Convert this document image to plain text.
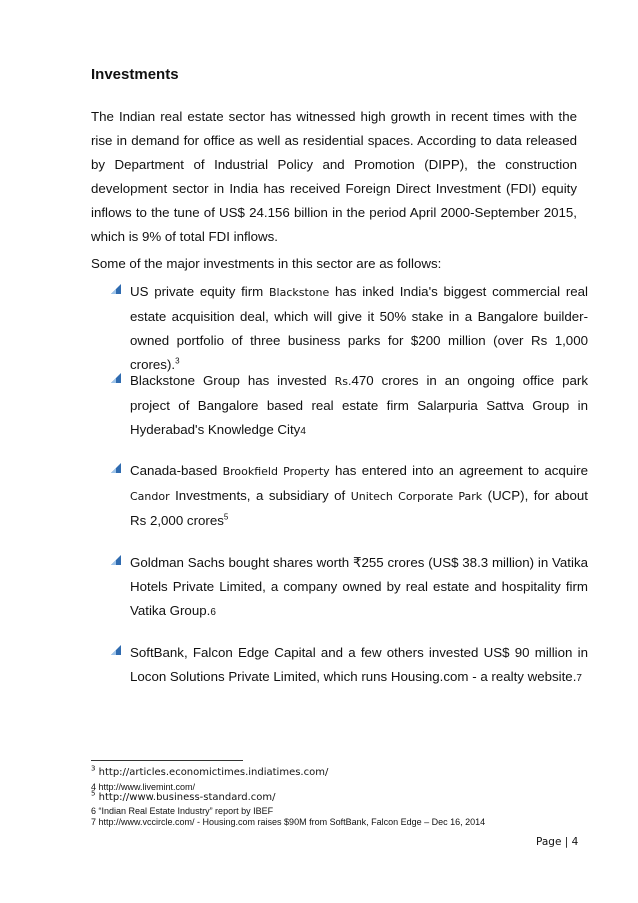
Investments
The Indian real estate sector has witnessed high growth in recent times with the rise in demand for office as well as residential spaces. According to data released by Department of Industrial Policy and Promotion (DIPP), the construction development sector in India has received Foreign Direct Investment (FDI) equity inflows to the tune of US$ 24.156 billion in the period April 2000-September 2015, which is 9% of total FDI inflows.
Some of the major investments in this sector are as follows:
US private equity firm Blackstone has inked India's biggest commercial real estate acquisition deal, which will give it 50% stake in a Bangalore builder-owned portfolio of three business parks for $200 million (over Rs 1,000 crores).$^3$
Blackstone Group has invested Rs.470 crores in an ongoing office park project of Bangalore based real estate firm Salarpuria Sattva Group in Hyderabad's Knowledge City4
Canada-based Brookfield Property has entered into an agreement to acquire Candor Investments, a subsidiary of Unitech Corporate Park (UCP), for about Rs 2,000 crores$^5$
Goldman Sachs bought shares worth ₹255 crores (US$ 38.3 million) in Vatika Hotels Private Limited, a company owned by real estate and hospitality firm Vatika Group.6
SoftBank, Falcon Edge Capital and a few others invested US$ 90 million in Locon Solutions Private Limited, which runs Housing.com - a realty website.7
$^3$ http://articles.economictimes.indiatimes.com/
4 http://www.livemint.com/
$^5$ http://www.business-standard.com/
6 “Indian Real Estate Industry” report by IBEF
7 http://www.vccircle.com/ - Housing.com raises $90M from SoftBank, Falcon Edge – Dec 16, 2014
Page | 4
